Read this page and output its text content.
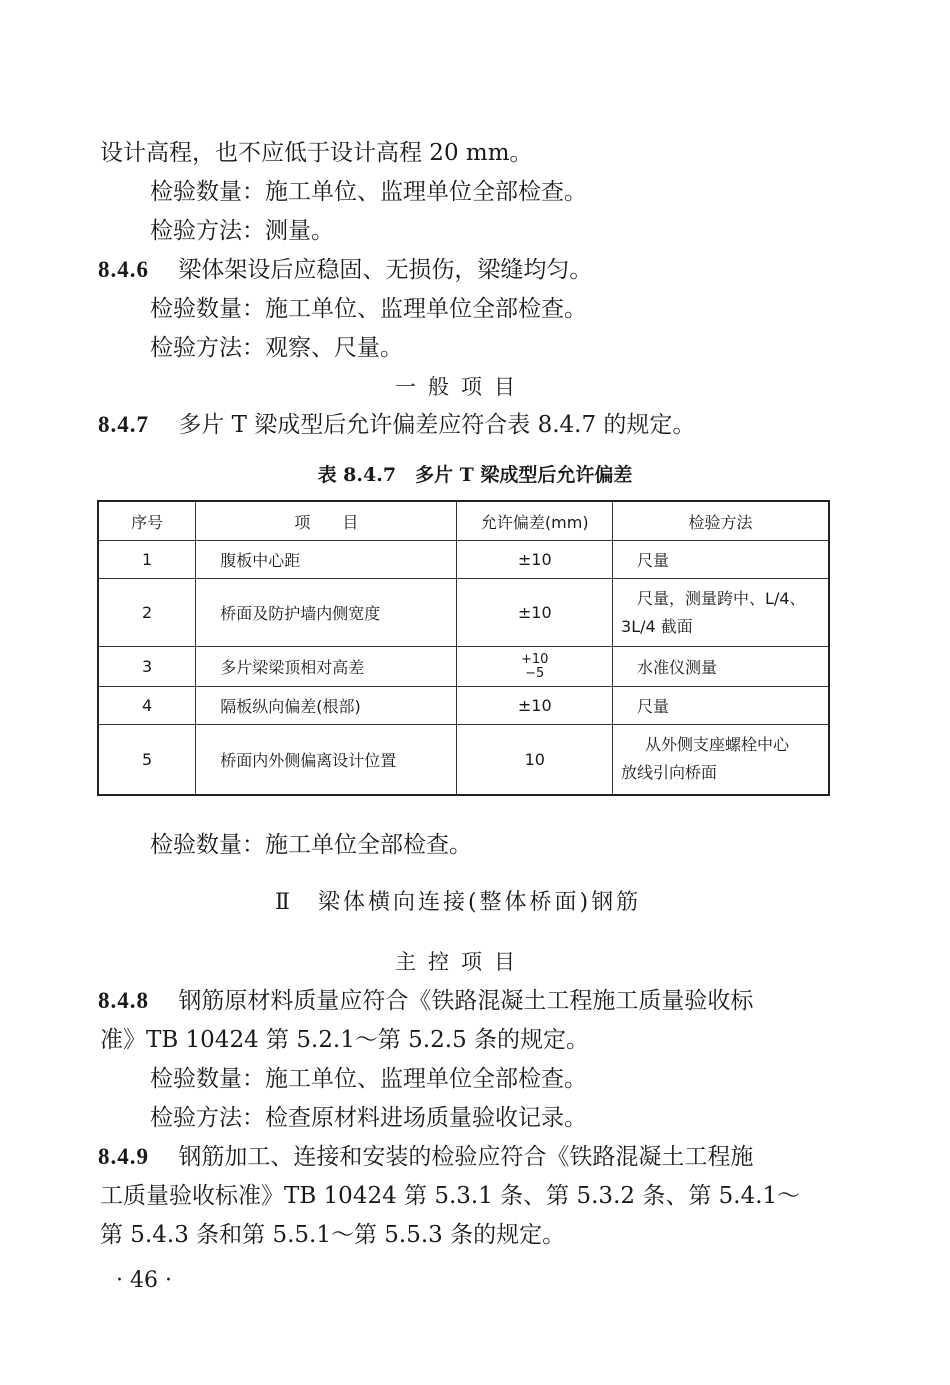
设计高程，也不应低于设计高程 20 mm。
检验数量：施工单位、监理单位全部检查。
检验方法：测量。
8.4.6 梁体架设后应稳固、无损伤，梁缝均匀。
检验数量：施工单位、监理单位全部检查。
检验方法：观察、尺量。
一般项目
8.4.7 多片 T 梁成型后允许偏差应符合表 8.4.7 的规定。
表 8.4.7　多片 T 梁成型后允许偏差
序号	项　　目	允许偏差(mm)	检验方法
1	腹板中心距	±10	尺量
2	桥面及防护墙内侧宽度	±10	尺量，测量跨中、L/4、
3L/4 截面

3	多片梁梁顶相对高差	+10
−5	水准仪测量
4	隔板纵向偏差(根部)	±10	尺量
5	桥面内外侧偏离设计位置	10	从外侧支座螺栓中心
放线引向桥面
检验数量：施工单位全部检查。
Ⅱ　梁体横向连接(整体桥面)钢筋
主控项目
8.4.8 钢筋原材料质量应符合《铁路混凝土工程施工质量验收标
准》TB 10424 第 5.2.1～第 5.2.5 条的规定。
检验数量：施工单位、监理单位全部检查。
检验方法：检查原材料进场质量验收记录。
8.4.9 钢筋加工、连接和安装的检验应符合《铁路混凝土工程施
工质量验收标准》TB 10424 第 5.3.1 条、第 5.3.2 条、第 5.4.1～
第 5.4.3 条和第 5.5.1～第 5.5.3 条的规定。
· 46 ·
